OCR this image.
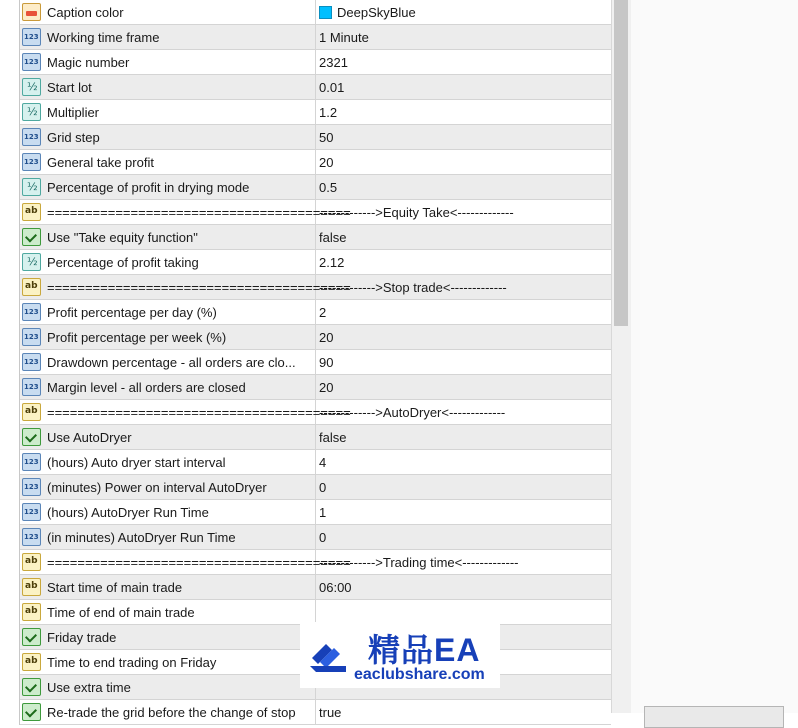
Caption color	DeepSkyBlue
123
Working time frame	1 Minute
123
Magic number	2321
½
Start lot	0.01
½
Multiplier	1.2
123
Grid step	50
123
General take profit	20
½
Percentage of profit in drying mode	0.5
ab
========================================
------------->Equity Take<-------------
Use "Take equity function"	false
½
Percentage of profit taking	2.12
ab
========================================
------------->Stop trade<-------------
123
Profit percentage per day (%)	2
123
Profit percentage per week (%)	20
123
Drawdown percentage - all orders are clo... 90
123
Margin level - all orders are closed	20
ab
========================================
------------->AutoDryer<-------------
Use AutoDryer	false
123
(hours) Auto dryer start interval	4
123
(minutes) Power on interval AutoDryer	0
123
(hours) AutoDryer Run Time	1
123
(in minutes) AutoDryer Run Time	0
ab
========================================
------------->Trading time<-------------
ab
Start time of main trade	06:00
ab
Time of end of main trade
Friday trade
ab
Time to end trading on Friday
Use extra time
Re-trade the grid before the change of stop true
精品EA
eaclubshare.com
